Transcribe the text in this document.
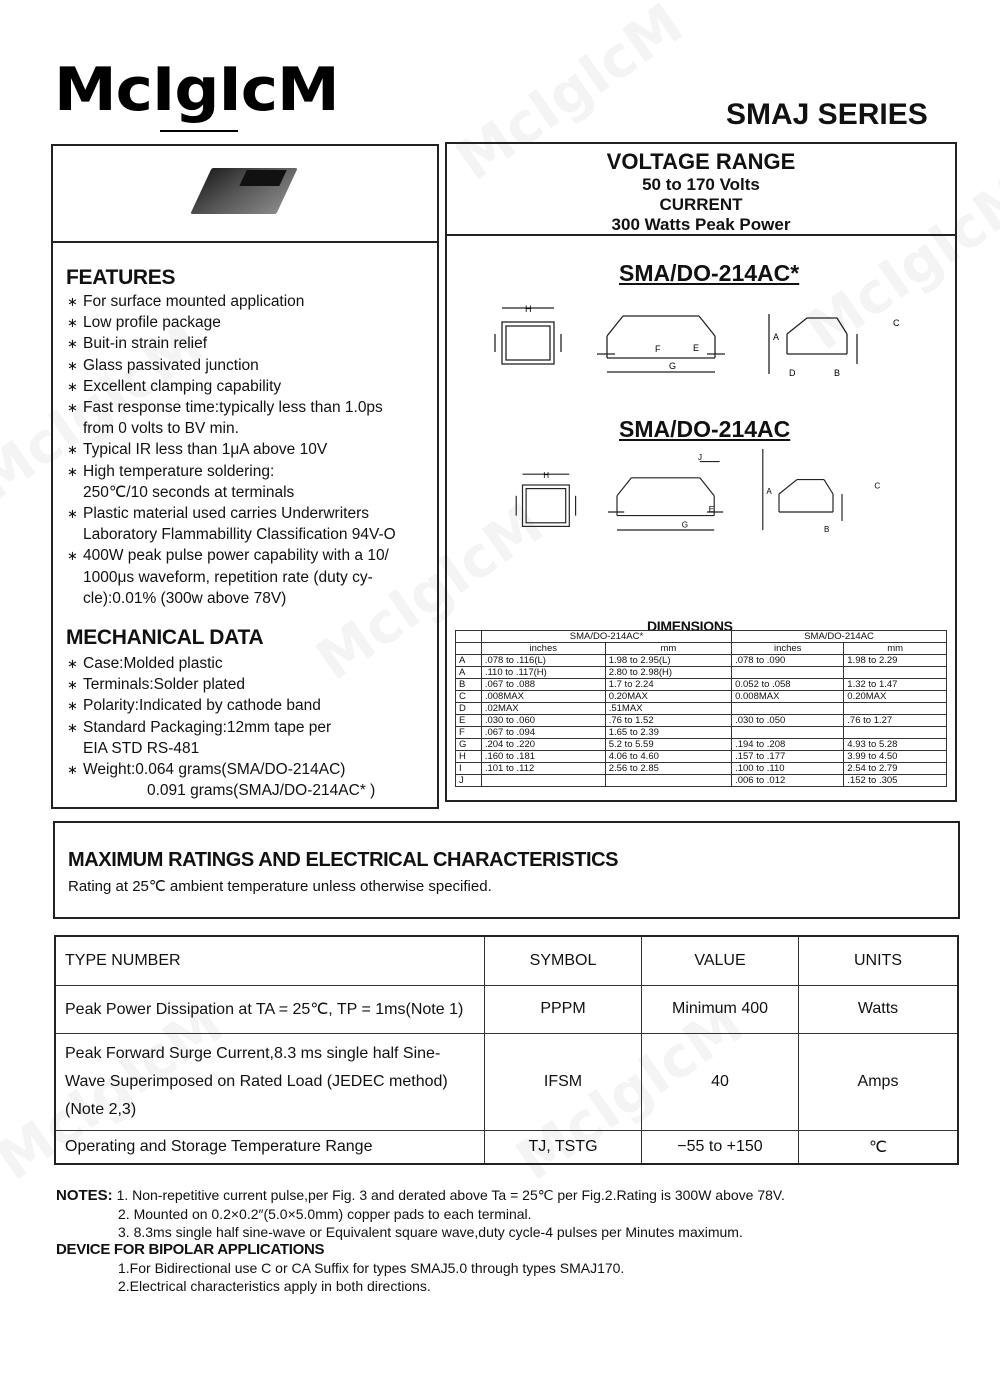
McIgIcM	SMAJ SERIES
FEATURES
∗ For surface mounted application
∗ Low profile package
∗ Buit-in strain relief
∗ Glass passivated junction
∗ Excellent clamping capability
∗ Fast response time:typically less than 1.0ps
from 0 volts to BV min.
∗ Typical IR less than 1μA above 10V
∗ High temperature soldering:
250℃/10 seconds at terminals
∗ Plastic material used carries Underwriters
Laboratory Flammabillity Classification 94V-O
∗ 400W peak pulse power capability with a 10/
1000μs waveform, repetition rate (duty cy-
cle):0.01% (300w above 78V)
MECHANICAL DATA
∗ Case:Molded plastic
∗ Terminals:Solder plated
∗ Polarity:Indicated by cathode band
∗ Standard Packaging:12mm tape per
EIA STD RS-481
∗ Weight:0.064 grams(SMA/DO-214AC)
0.091 grams(SMAJ/DO-214AC* )
VOLTAGE RANGE
50 to 170 Volts
CURRENT
300 Watts Peak Power
SMA/DO-214AC*
H
F	E
G
A
D	B
C
SMA/DO-214AC
H
J
E
G
A
B
C
DIMENSIONS
	SMA/DO-214AC*		SMA/DO-214AC	
	inches	mm	inches	mm
A	.078 to .116(L)	1.98 to 2.95(L)	.078 to .090	1.98 to 2.29
A	.110 to .117(H)	2.80 to 2.98(H)		
B	.067 to .088	1.7 to 2.24	0.052 to .058	1.32 to 1.47
C	.008MAX	0.20MAX	0.008MAX	0.20MAX
D	.02MAX	.51MAX		
E	.030 to .060	.76 to 1.52	.030 to .050	.76 to 1.27
F	.067 to .094	1.65 to 2.39		
G	.204 to .220	5.2 to 5.59	.194 to .208	4.93 to 5.28
H	.160 to .181	4.06 to 4.60	.157 to .177	3.99 to 4.50
I	.101 to .112	2.56 to 2.85	.100 to .110	2.54 to 2.79
J			.006 to .012	.152 to .305
MAXIMUM RATINGS AND ELECTRICAL CHARACTERISTICS
Rating at 25℃ ambient temperature unless otherwise specified.
TYPE NUMBER	SYMBOL	VALUE	UNITS
Peak Power Dissipation at TA = 25℃, TP = 1ms(Note 1)	PPPM	Minimum 400	Watts
Peak Forward Surge Current,8.3 ms single half Sine-Wave Superimposed on Rated Load (JEDEC method)(Note 2,3)	IFSM	40	Amps
Operating and Storage Temperature Range	TJ, TSTG	−55 to +150	℃
NOTES: 1. Non-repetitive current pulse,per Fig. 3 and derated above Ta = 25℃ per Fig.2.Rating is 300W above 78V.
2. Mounted on 0.2×0.2″(5.0×5.0mm) copper pads to each terminal.
3. 8.3ms single half sine-wave or Equivalent square wave,duty cycle-4 pulses per Minutes maximum.
DEVICE FOR BIPOLAR APPLICATIONS
1.For Bidirectional use C or CA Suffix for types SMAJ5.0 through types SMAJ170.
2.Electrical characteristics apply in both directions.
